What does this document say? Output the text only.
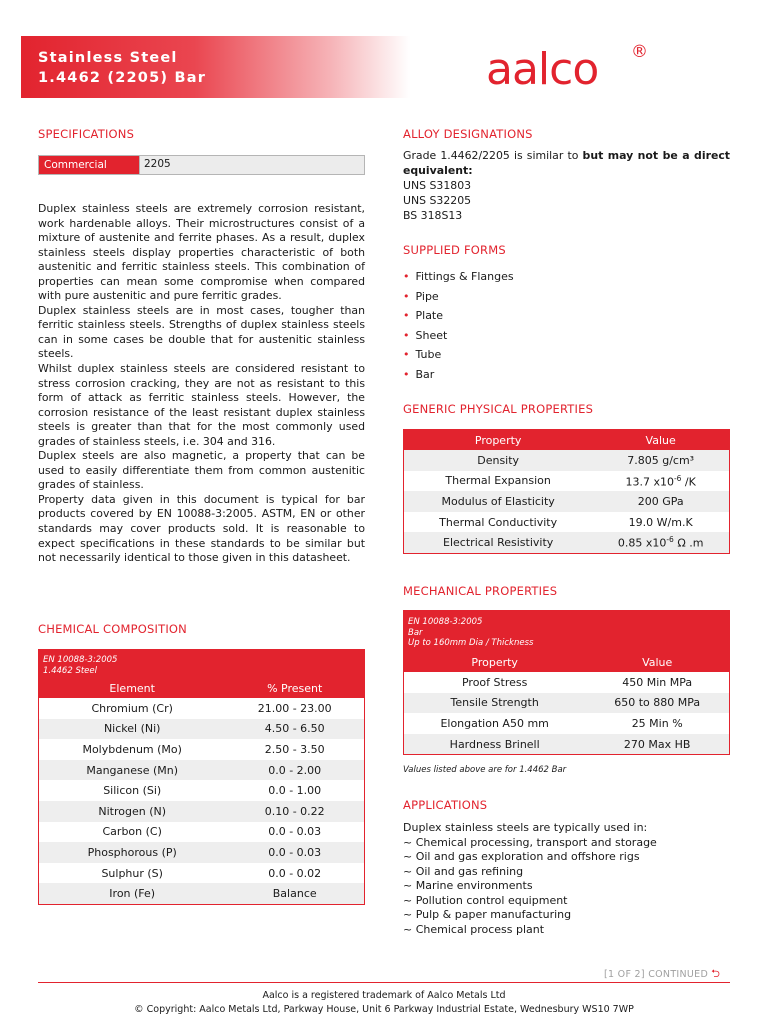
Stainless Steel
1.4462 (2205) Bar	aalco ®
SPECIFICATIONS
Commercial	2205

Duplex stainless steels are extremely corrosion resistant, work hardenable alloys. Their microstructures consist of a mixture of austenite and ferrite phases. As a result, duplex stainless steels display properties characteristic of both austenitic and ferritic stainless steels. This combination of properties can mean some compromise when compared with pure austenitic and pure ferritic grades.

Duplex stainless steels are in most cases, tougher than ferritic stainless steels. Strengths of duplex stainless steels can in some cases be double that for austenitic stainless steels.

Whilst duplex stainless steels are considered resistant to stress corrosion cracking, they are not as resistant to this form of attack as ferritic stainless steels. However, the corrosion resistance of the least resistant duplex stainless steels is greater than that for the most commonly used grades of stainless steels, i.e. 304 and 316.

Duplex steels are also magnetic, a property that can be used to easily differentiate them from common austenitic grades of stainless.

Property data given in this document is typical for bar products covered by EN 10088-3:2005. ASTM, EN or other standards may cover products sold. It is reasonable to expect specifications in these standards to be similar but not necessarily identical to those given in this datasheet.

CHEMICAL COMPOSITION
EN 10088-3:2005
1.4462 Steel
Element	% Present
Chromium (Cr)	21.00 - 23.00
Nickel (Ni)	4.50 - 6.50
Molybdenum (Mo)	2.50 - 3.50
Manganese (Mn)	0.0 - 2.00
Silicon (Si)	0.0 - 1.00
Nitrogen (N)	0.10 - 0.22
Carbon (C)	0.0 - 0.03
Phosphorous (P)	0.0 - 0.03
Sulphur (S)	0.0 - 0.02
Iron (Fe)	Balance
ALLOY DESIGNATIONS
Grade 1.4462/2205 is similar to but may not be a direct equivalent:
UNS S31803
UNS S32205
BS 318S13
SUPPLIED FORMS
• Fittings & Flanges
• Pipe
• Plate
• Sheet
• Tube
• Bar
GENERIC PHYSICAL PROPERTIES
Property	Value
Density	7.805 g/cm³
Thermal Expansion	13.7 $x10^{-6}$ /K
Modulus of Elasticity	200 GPa
Thermal Conductivity	19.0 W/m.K
Electrical Resistivity	0.85 $x10^{-6}$ Ω .m
MECHANICAL PROPERTIES
EN 10088-3:2005
Bar
Up to 160mm Dia / Thickness
Property	Value
Proof Stress	450 Min MPa
Tensile Strength	650 to 880 MPa
Elongation A50 mm	25 Min %
Hardness Brinell	270 Max HB
Values listed above are for 1.4462 Bar
APPLICATIONS
Duplex stainless steels are typically used in:
~ Chemical processing, transport and storage
~ Oil and gas exploration and offshore rigs
~ Oil and gas refining
~ Marine environments
~ Pollution control equipment
~ Pulp & paper manufacturing
~ Chemical process plant
[1 OF 2] CONTINUED ⮌
Aalco is a registered trademark of Aalco Metals Ltd
© Copyright: Aalco Metals Ltd, Parkway House, Unit 6 Parkway Industrial Estate, Wednesbury WS10 7WP
